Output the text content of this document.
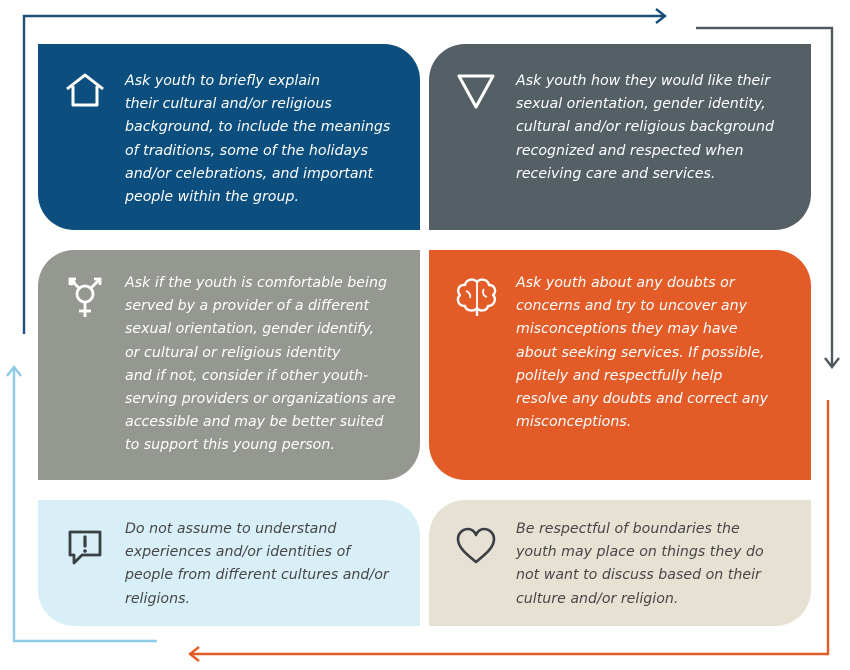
Ask youth to briefly explain
their cultural and/or religious
background, to include the meanings
of traditions, some of the holidays
and/or celebrations, and important
people within the group.
Ask youth how they would like their
sexual orientation, gender identity,
cultural and/or religious background
recognized and respected when
receiving care and services.
Ask if the youth is comfortable being
served by a provider of a different
sexual orientation, gender identify,
or cultural or religious identity
and if not, consider if other youth-
serving providers or organizations are
accessible and may be better suited
to support this young person.
Ask youth about any doubts or
concerns and try to uncover any
misconceptions they may have
about seeking services. If possible,
politely and respectfully help
resolve any doubts and correct any
misconceptions.
Do not assume to understand
experiences and/or identities of
people from different cultures and/or
religions.
Be respectful of boundaries the
youth may place on things they do
not want to discuss based on their
culture and/or religion.
